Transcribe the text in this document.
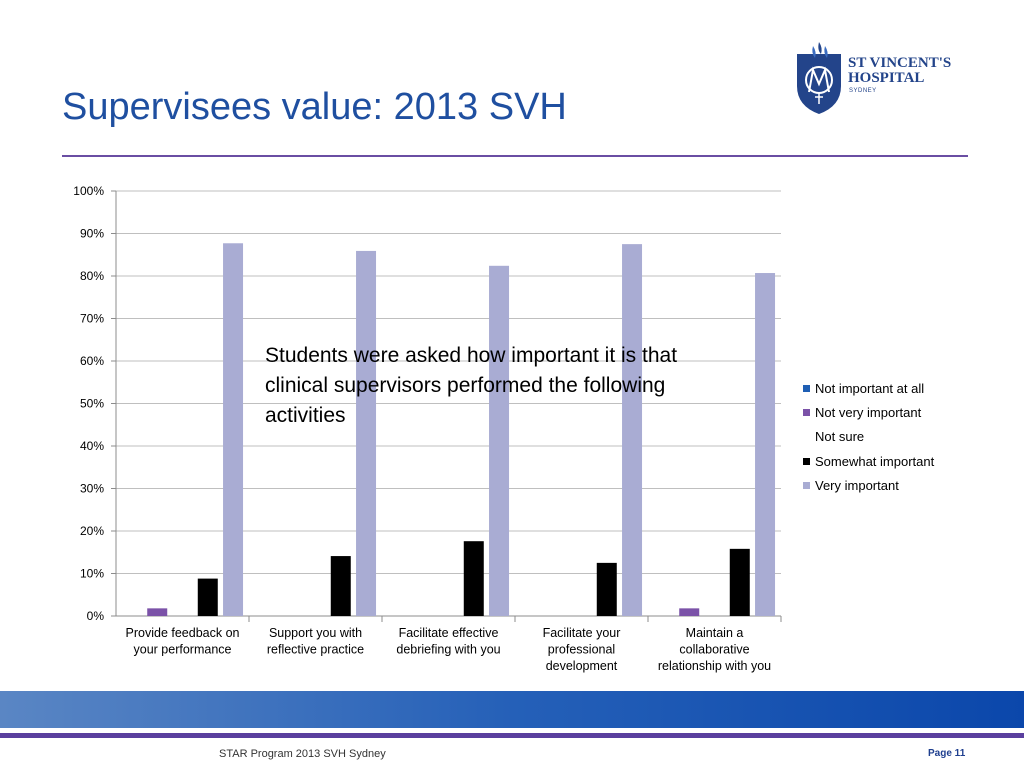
Supervisees value: 2013 SVH
ST VINCENT'S
HOSPITAL
SYDNEY
0%
10%
20%
30%
40%
50%
60%
70%
80%
90%
100%
Provide feedback on
your performance
Support you with
reflective practice
Facilitate effective
debriefing with you
Facilitate your
professional
development
Maintain a
collaborative
relationship with you

Students were asked how important it is that clinical supervisors performed the following activities

Not important at all
Not very important
Not sure
Somewhat important
Very important
STAR Program 2013 SVH Sydney	Page 11
